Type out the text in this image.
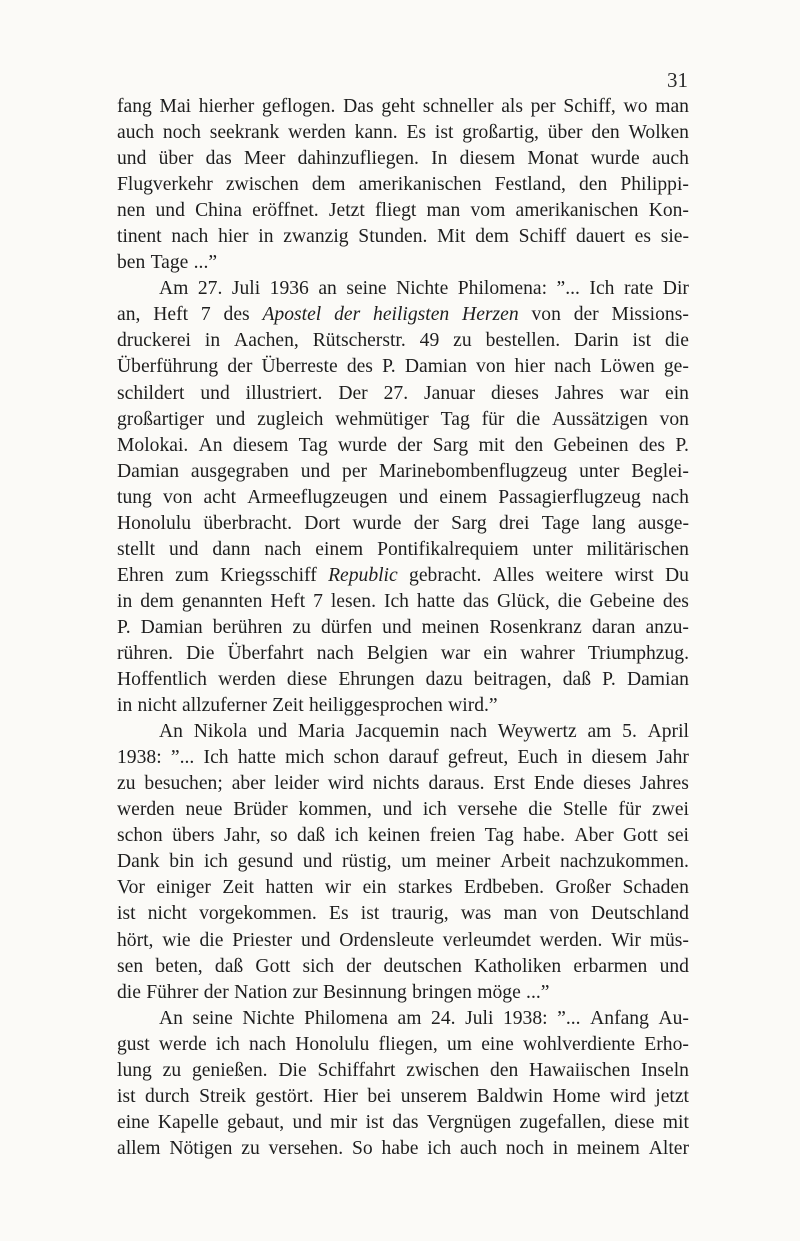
31
fang Mai hierher geflogen. Das geht schneller als per Schiff, wo man
auch noch seekrank werden kann. Es ist großartig, über den Wolken
und über das Meer dahinzufliegen. In diesem Monat wurde auch
Flugverkehr zwischen dem amerikanischen Festland, den Philippi-
nen und China eröffnet. Jetzt fliegt man vom amerikanischen Kon-
tinent nach hier in zwanzig Stunden. Mit dem Schiff dauert es sie-
ben Tage ...”
Am 27. Juli 1936 an seine Nichte Philomena: ”... Ich rate Dir
an, Heft 7 des Apostel der heiligsten Herzen von der Missions-
druckerei in Aachen, Rütscherstr. 49 zu bestellen. Darin ist die
Überführung der Überreste des P. Damian von hier nach Löwen ge-
schildert und illustriert. Der 27. Januar dieses Jahres war ein
großartiger und zugleich wehmütiger Tag für die Aussätzigen von
Molokai. An diesem Tag wurde der Sarg mit den Gebeinen des P.
Damian ausgegraben und per Marinebombenflugzeug unter Beglei-
tung von acht Armeeflugzeugen und einem Passagierflugzeug nach
Honolulu überbracht. Dort wurde der Sarg drei Tage lang ausge-
stellt und dann nach einem Pontifikalrequiem unter militärischen
Ehren zum Kriegsschiff Republic gebracht. Alles weitere wirst Du
in dem genannten Heft 7 lesen. Ich hatte das Glück, die Gebeine des
P. Damian berühren zu dürfen und meinen Rosenkranz daran anzu-
rühren. Die Überfahrt nach Belgien war ein wahrer Triumphzug.
Hoffentlich werden diese Ehrungen dazu beitragen, daß P. Damian
in nicht allzuferner Zeit heiliggesprochen wird.”
An Nikola und Maria Jacquemin nach Weywertz am 5. April
1938: ”... Ich hatte mich schon darauf gefreut, Euch in diesem Jahr
zu besuchen; aber leider wird nichts daraus. Erst Ende dieses Jahres
werden neue Brüder kommen, und ich versehe die Stelle für zwei
schon übers Jahr, so daß ich keinen freien Tag habe. Aber Gott sei
Dank bin ich gesund und rüstig, um meiner Arbeit nachzukommen.
Vor einiger Zeit hatten wir ein starkes Erdbeben. Großer Schaden
ist nicht vorgekommen. Es ist traurig, was man von Deutschland
hört, wie die Priester und Ordensleute verleumdet werden. Wir müs-
sen beten, daß Gott sich der deutschen Katholiken erbarmen und
die Führer der Nation zur Besinnung bringen möge ...”
An seine Nichte Philomena am 24. Juli 1938: ”... Anfang Au-
gust werde ich nach Honolulu fliegen, um eine wohlverdiente Erho-
lung zu genießen. Die Schiffahrt zwischen den Hawaiischen Inseln
ist durch Streik gestört. Hier bei unserem Baldwin Home wird jetzt
eine Kapelle gebaut, und mir ist das Vergnügen zugefallen, diese mit
allem Nötigen zu versehen. So habe ich auch noch in meinem Alter
